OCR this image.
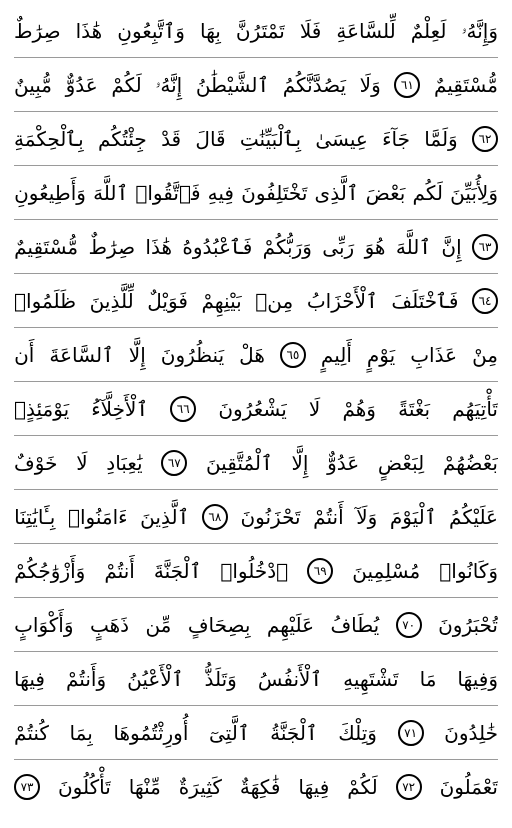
وَإِنَّهُۥ
لَعِلْمٌ
لِّلسَّاعَةِ
فَلَا
تَمْتَرُنَّ
بِهَا
وَٱتَّبِعُونِ
هَٰذَا
صِرَٰطٌ
مُّسْتَقِيمٌ
٦١
وَلَا
يَصُدَّنَّكُمُ
ٱلشَّيْطَٰنُ
إِنَّهُۥ
لَكُمْ
عَدُوٌّ
مُّبِينٌ
٦٢
وَلَمَّا
جَآءَ
عِيسَىٰ
بِٱلْبَيِّنَٰتِ
قَالَ
قَدْ
جِئْتُكُم
بِٱلْحِكْمَةِ
وَلِأُبَيِّنَ
لَكُم
بَعْضَ
ٱلَّذِى
تَخْتَلِفُونَ
فِيهِ
فَٱتَّقُوا۟
ٱللَّهَ
وَأَطِيعُونِ
٦٣
إِنَّ
ٱللَّهَ
هُوَ
رَبِّى
وَرَبُّكُمْ
فَٱعْبُدُوهُ
هَٰذَا
صِرَٰطٌ
مُّسْتَقِيمٌ
٦٤
فَٱخْتَلَفَ
ٱلْأَحْزَابُ
مِنۢ
بَيْنِهِمْ
فَوَيْلٌ
لِّلَّذِينَ
ظَلَمُوا۟
مِنْ
عَذَابِ
يَوْمٍ
أَلِيمٍ
٦٥
هَلْ
يَنظُرُونَ
إِلَّا
ٱلسَّاعَةَ
أَن
تَأْتِيَهُم
بَغْتَةً
وَهُمْ
لَا
يَشْعُرُونَ
٦٦
ٱلْأَخِلَّآءُ
يَوْمَئِذٍۭ
بَعْضُهُمْ
لِبَعْضٍ
عَدُوٌّ
إِلَّا
ٱلْمُتَّقِينَ
٦٧
يَٰعِبَادِ
لَا
خَوْفٌ
عَلَيْكُمُ
ٱلْيَوْمَ
وَلَآ
أَنتُمْ
تَحْزَنُونَ
٦٨
ٱلَّذِينَ
ءَامَنُوا۟
بِـَٔايَٰتِنَا
وَكَانُوا۟
مُسْلِمِينَ
٦٩
ٱدْخُلُوا۟
ٱلْجَنَّةَ
أَنتُمْ
وَأَزْوَٰجُكُمْ
تُحْبَرُونَ
٧٠
يُطَافُ
عَلَيْهِم
بِصِحَافٍ
مِّن
ذَهَبٍ
وَأَكْوَابٍ
وَفِيهَا
مَا
تَشْتَهِيهِ
ٱلْأَنفُسُ
وَتَلَذُّ
ٱلْأَعْيُنُ
وَأَنتُمْ
فِيهَا
خَٰلِدُونَ
٧١
وَتِلْكَ
ٱلْجَنَّةُ
ٱلَّتِىٓ
أُورِثْتُمُوهَا
بِمَا
كُنتُمْ
تَعْمَلُونَ
٧٢
لَكُمْ
فِيهَا
فَٰكِهَةٌ
كَثِيرَةٌ
مِّنْهَا
تَأْكُلُونَ
٧٣
